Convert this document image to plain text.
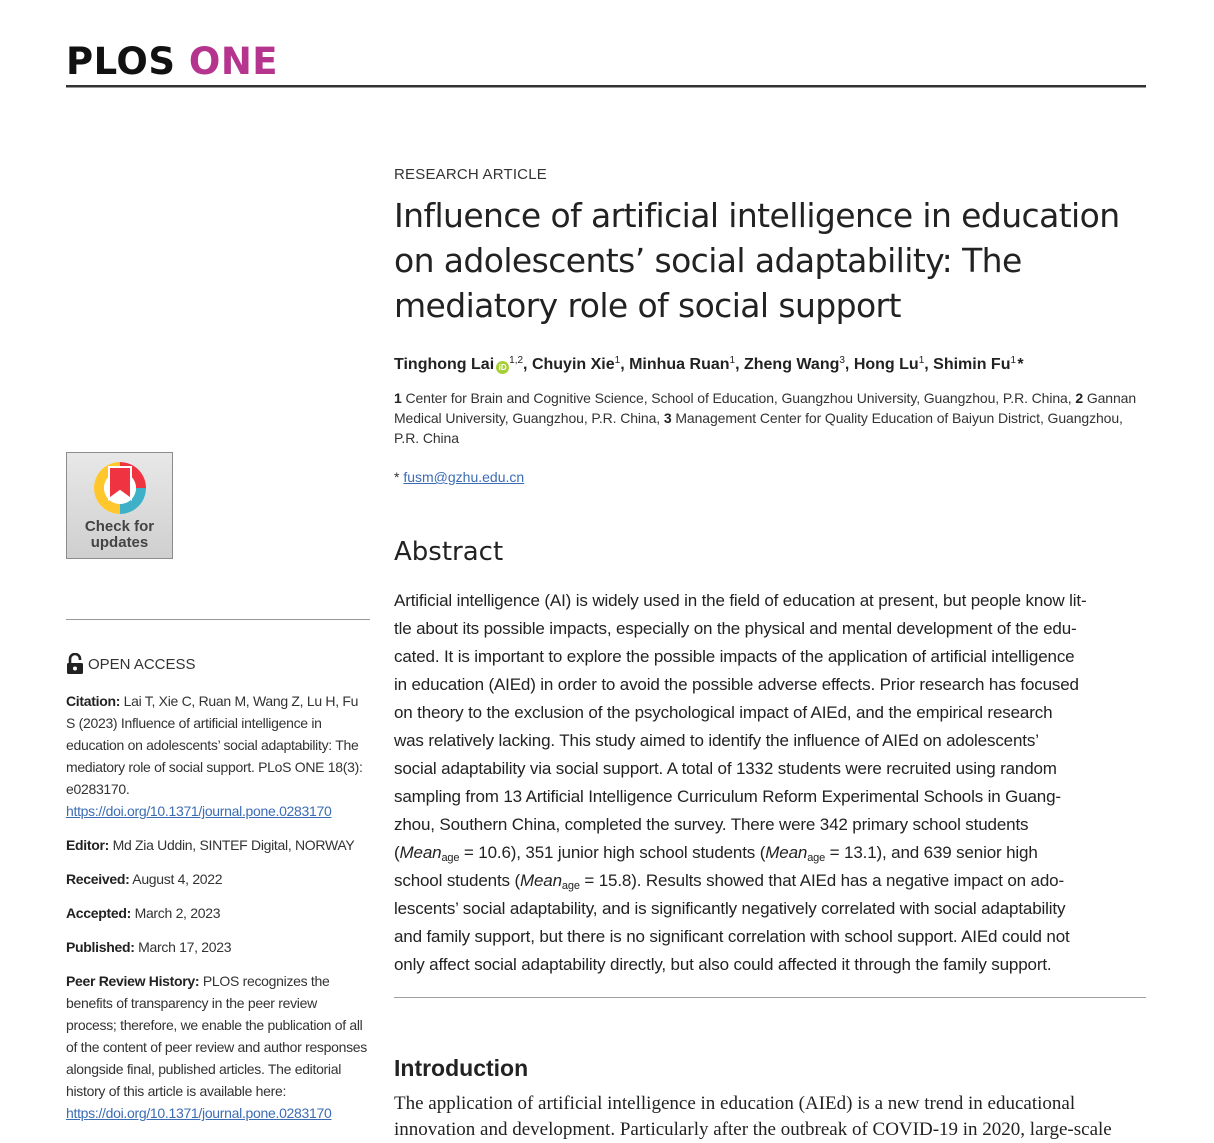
PLOS ONE
Check for updates
OPEN ACCESS
Citation: Lai T, Xie C, Ruan M, Wang Z, Lu H, Fu S (2023) Influence of artificial intelligence in education on adolescents’ social adaptability: The mediatory role of social support. PLoS ONE 18(3): e0283170. https://doi.org/10.1371/journal.pone.0283170
Editor: Md Zia Uddin, SINTEF Digital, NORWAY
Received: August 4, 2022
Accepted: March 2, 2023
Published: March 17, 2023
Peer Review History: PLOS recognizes the benefits of transparency in the peer review process; therefore, we enable the publication of all of the content of peer review and author responses alongside final, published articles. The editorial history of this article is available here: https://doi.org/10.1371/journal.pone.0283170
RESEARCH ARTICLE
Influence of artificial intelligence in education on adolescents’ social adaptability: The mediatory role of social support
Tinghong Lai iD$^{1,2}$, Chuyin Xie$^1$, Minhua Ruan$^1$, Zheng Wang$^3$, Hong Lu$^1$, Shimin Fu$^1$ *
1 Center for Brain and Cognitive Science, School of Education, Guangzhou University, Guangzhou, P.R. China, 2 Gannan Medical University, Guangzhou, P.R. China, 3 Management Center for Quality Education of Baiyun District, Guangzhou, P.R. China
* fusm@gzhu.edu.cn
Abstract
Artificial intelligence (AI) is widely used in the field of education at present, but people know lit-
tle about its possible impacts, especially on the physical and mental development of the edu-
cated. It is important to explore the possible impacts of the application of artificial intelligence
in education (AIEd) in order to avoid the possible adverse effects. Prior research has focused
on theory to the exclusion of the psychological impact of AIEd, and the empirical research
was relatively lacking. This study aimed to identify the influence of AIEd on adolescents’
social adaptability via social support. A total of 1332 students were recruited using random
sampling from 13 Artificial Intelligence Curriculum Reform Experimental Schools in Guang-
zhou, Southern China, completed the survey. There were 342 primary school students
(Mean$_{age}$ = 10.6), 351 junior high school students (Mean$_{age}$ = 13.1), and 639 senior high
school students (Mean$_{age}$ = 15.8). Results showed that AIEd has a negative impact on ado-
lescents’ social adaptability, and is significantly negatively correlated with social adaptability
and family support, but there is no significant correlation with school support. AIEd could not
only affect social adaptability directly, but also could affected it through the family support.
Introduction
The application of artificial intelligence in education (AIEd) is a new trend in educational
innovation and development. Particularly after the outbreak of COVID-19 in 2020, large-scale
